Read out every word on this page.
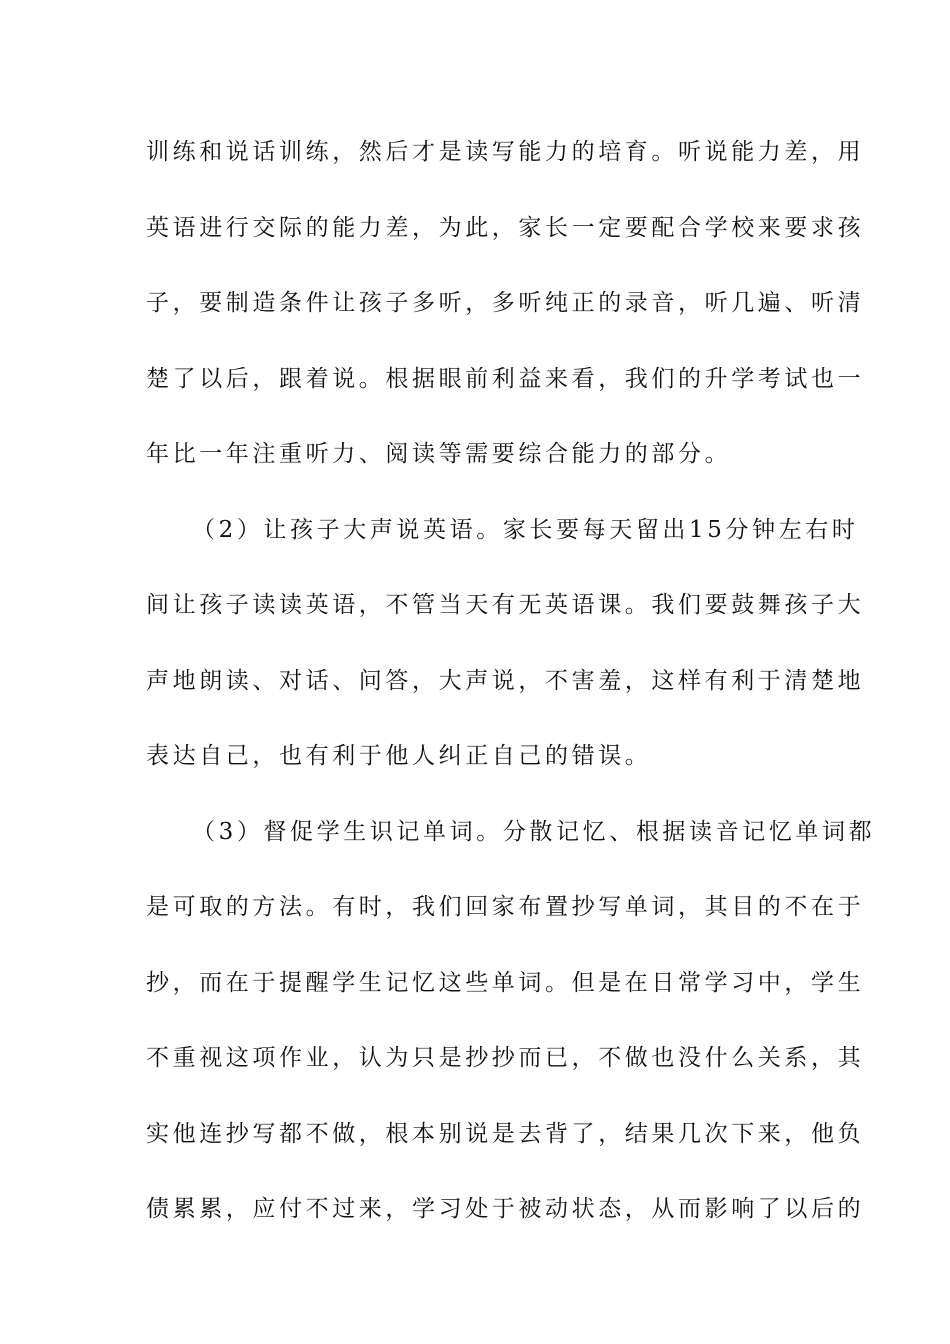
训练和说话训练，然后才是读写能力的培育。听说能力差，用
英语进行交际的能力差，为此，家长一定要配合学校来要求孩
子，要制造条件让孩子多听，多听纯正的录音，听几遍、听清
楚了以后，跟着说。根据眼前利益来看，我们的升学考试也一
年比一年注重听力、阅读等需要综合能力的部分。
（2）让孩子大声说英语。家长要每天留出15分钟左右时
间让孩子读读英语，不管当天有无英语课。我们要鼓舞孩子大
声地朗读、对话、问答，大声说，不害羞，这样有利于清楚地
表达自己，也有利于他人纠正自己的错误。
（3）督促学生识记单词。分散记忆、根据读音记忆单词都
是可取的方法。有时，我们回家布置抄写单词，其目的不在于
抄，而在于提醒学生记忆这些单词。但是在日常学习中，学生
不重视这项作业，认为只是抄抄而已，不做也没什么关系，其
实他连抄写都不做，根本别说是去背了，结果几次下来，他负
债累累，应付不过来，学习处于被动状态，从而影响了以后的
